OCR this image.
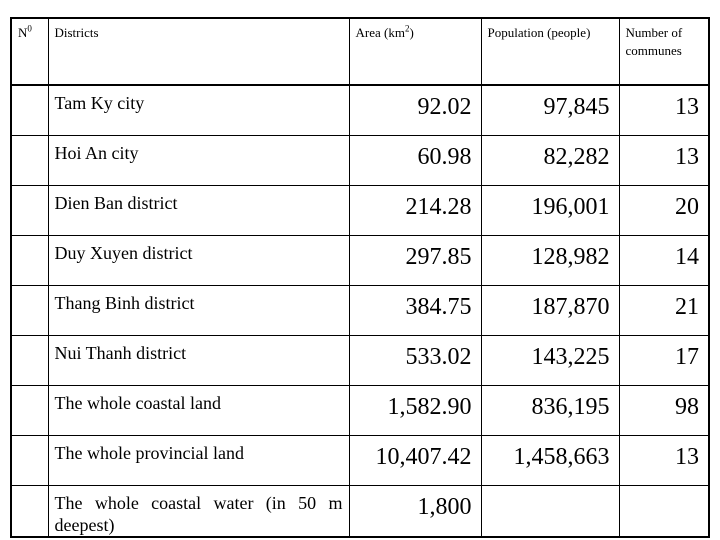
$N^0$	Districts	Area $(km^2)$	Population (people)	Number of communes

	Tam Ky city	92.02	97,845	13

	Hoi An city	60.98	82,282	13

	Dien Ban district	214.28	196,001	20

	Duy Xuyen district	297.85	128,982	14

	Thang Binh district	384.75	187,870	21

	Nui Thanh district	533.02	143,225	17

	The whole coastal land	1,582.90	836,195	98

	The whole provincial land	10,407.42	1,458,663	13

	The whole coastal water (in 50 m deepest)	1,800		
